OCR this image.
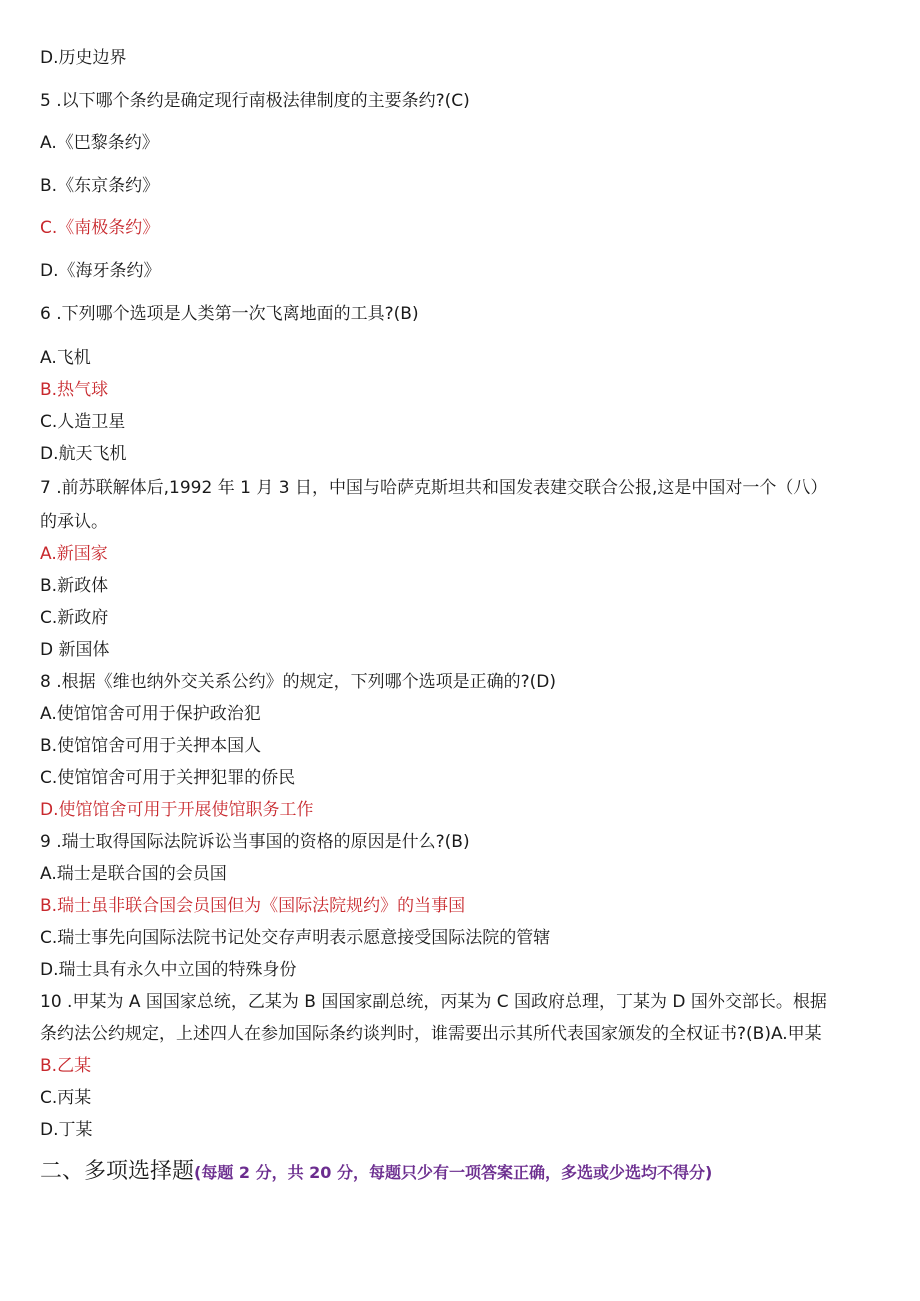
D.历史边界
5 .以下哪个条约是确定现行南极法律制度的主要条约?(C)
A.《巴黎条约》
B.《东京条约》
C.《南极条约》
D.《海牙条约》
6 .下列哪个选项是人类第一次飞离地面的工具?(B)
A.飞机
B.热气球
C.人造卫星
D.航天飞机
7 .前苏联解体后,1992 年 1 月 3 日，中国与哈萨克斯坦共和国发表建交联合公报,这是中国对一个（八）
的承认。
A.新国家
B.新政体
C.新政府
D 新国体
8 .根据《维也纳外交关系公约》的规定，下列哪个选项是正确的?(D)
A.使馆馆舍可用于保护政治犯
B.使馆馆舍可用于关押本国人
C.使馆馆舍可用于关押犯罪的侨民
D.使馆馆舍可用于开展使馆职务工作
9 .瑞士取得国际法院诉讼当事国的资格的原因是什么?(B)
A.瑞士是联合国的会员国
B.瑞士虽非联合国会员国但为《国际法院规约》的当事国
C.瑞士事先向国际法院书记处交存声明表示愿意接受国际法院的管辖
D.瑞士具有永久中立国的特殊身份
10 .甲某为 A 国国家总统，乙某为 B 国国家副总统，丙某为 C 国政府总理，丁某为 D 国外交部长。根据
条约法公约规定，上述四人在参加国际条约谈判时，谁需要出示其所代表国家颁发的全权证书?(B)A.甲某
B.乙某
C.丙某
D.丁某
二、多项选择题(每题 2 分，共 20 分，每题只少有一项答案正确，多选或少选均不得分)
